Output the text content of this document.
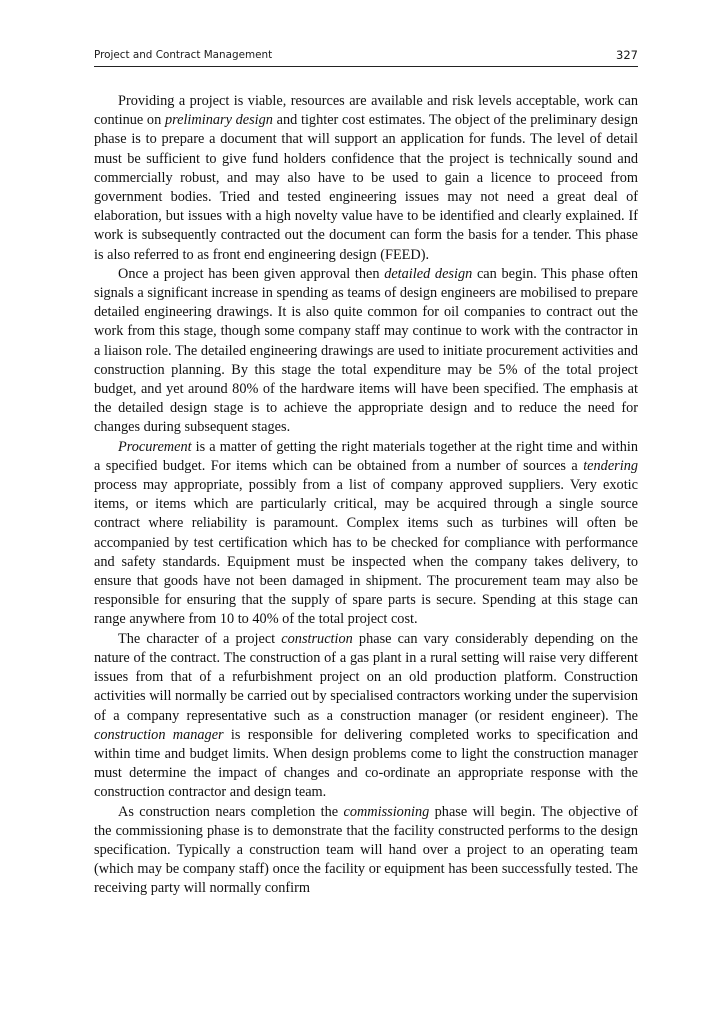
Project and Contract Management	327

Providing a project is viable, resources are available and risk levels acceptable, work can continue on preliminary design and tighter cost estimates. The object of the preliminary design phase is to prepare a document that will support an application for funds. The level of detail must be sufficient to give fund holders confidence that the project is technically sound and commercially robust, and may also have to be used to gain a licence to proceed from government bodies. Tried and tested engineering issues may not need a great deal of elaboration, but issues with a high novelty value have to be identified and clearly explained. If work is subsequently contracted out the document can form the basis for a tender. This phase is also referred to as front end engineering design (FEED).

Once a project has been given approval then detailed design can begin. This phase often signals a significant increase in spending as teams of design engineers are mobilised to prepare detailed engineering drawings. It is also quite common for oil companies to contract out the work from this stage, though some company staff may continue to work with the contractor in a liaison role. The detailed engineering drawings are used to initiate procurement activities and construction planning. By this stage the total expenditure may be 5% of the total project budget, and yet around 80% of the hardware items will have been specified. The emphasis at the detailed design stage is to achieve the appropriate design and to reduce the need for changes during subsequent stages.

Procurement is a matter of getting the right materials together at the right time and within a specified budget. For items which can be obtained from a number of sources a tendering process may appropriate, possibly from a list of company approved suppliers. Very exotic items, or items which are particularly critical, may be acquired through a single source contract where reliability is paramount. Complex items such as turbines will often be accompanied by test certification which has to be checked for compliance with performance and safety standards. Equipment must be inspected when the company takes delivery, to ensure that goods have not been damaged in shipment. The procurement team may also be responsible for ensuring that the supply of spare parts is secure. Spending at this stage can range anywhere from 10 to 40% of the total project cost.

The character of a project construction phase can vary considerably depending on the nature of the contract. The construction of a gas plant in a rural setting will raise very different issues from that of a refurbishment project on an old production platform. Construction activities will normally be carried out by specialised contractors working under the supervision of a company representative such as a construction manager (or resident engineer). The construction manager is responsible for delivering completed works to specification and within time and budget limits. When design problems come to light the construction manager must determine the impact of changes and co-ordinate an appropriate response with the construction contractor and design team.

As construction nears completion the commissioning phase will begin. The objective of the commissioning phase is to demonstrate that the facility constructed performs to the design specification. Typically a construction team will hand over a project to an operating team (which may be company staff) once the facility or equipment has been successfully tested. The receiving party will normally confirm
